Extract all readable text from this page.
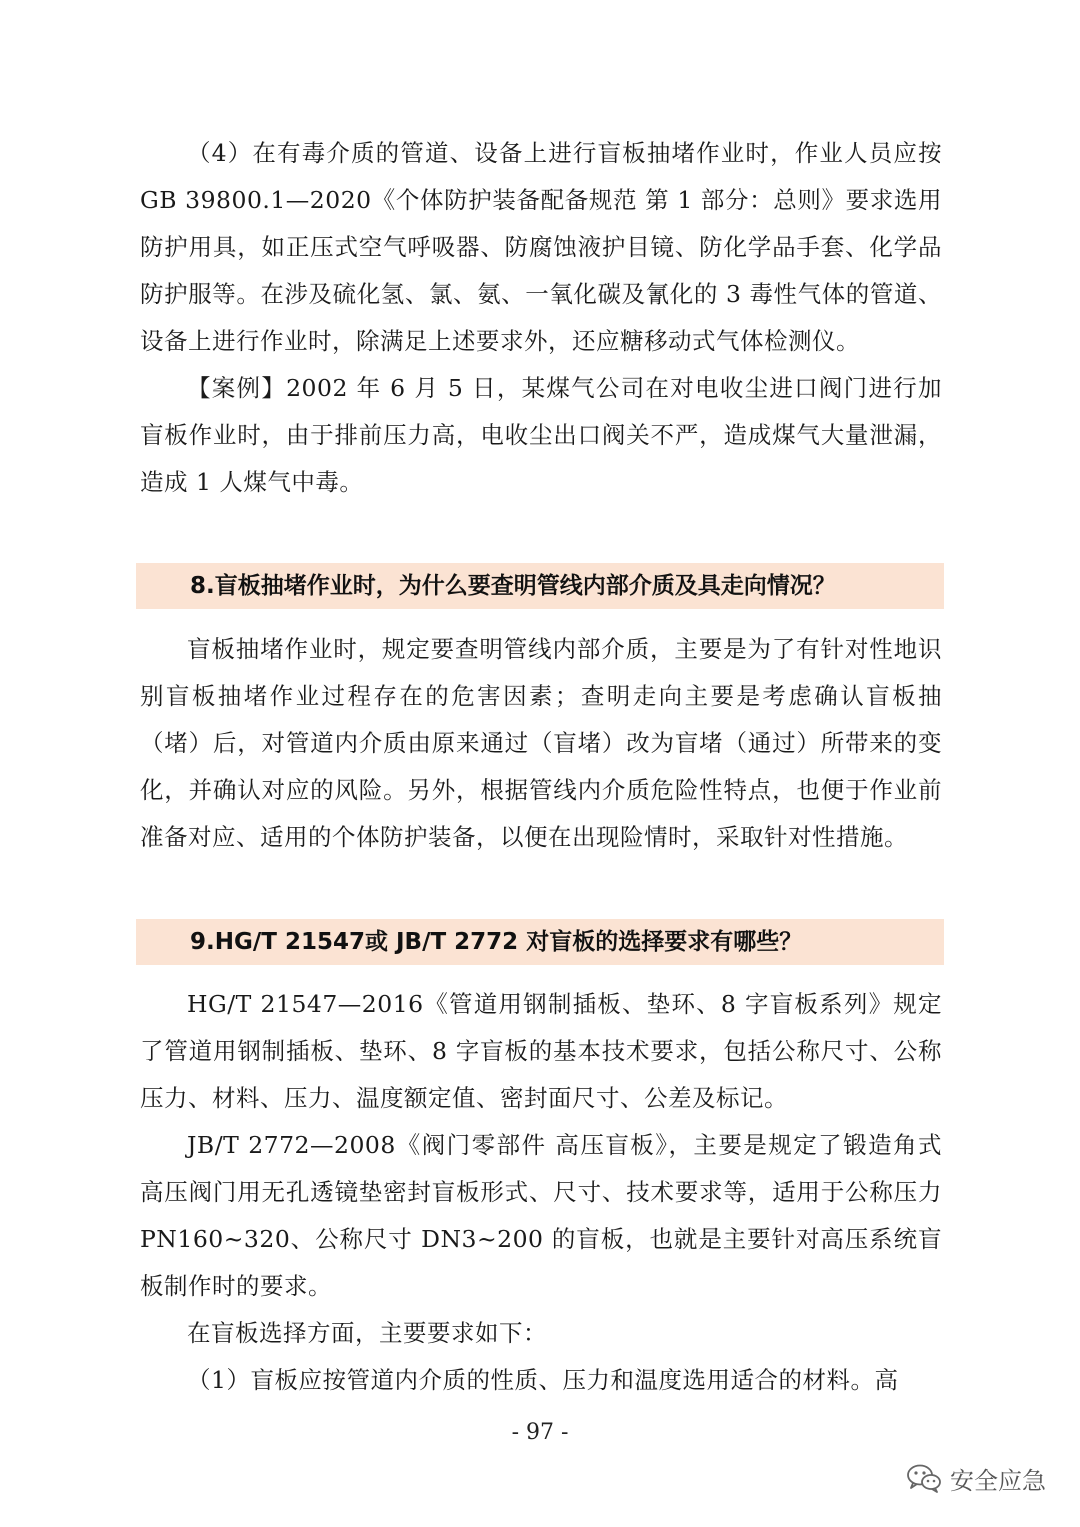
（4）在有毒介质的管道、设备上进行盲板抽堵作业时，作业人员应按 GB 39800.1—2020《个体防护装备配备规范 第 1 部分：总则》要求选用防护用具，如正压式空气呼吸器、防腐蚀液护目镜、防化学品手套、化学品防护服等。在涉及硫化氢、氯、氨、一氧化碳及氰化的 3 毒性气体的管道、设备上进行作业时，除满足上述要求外，还应糖移动式气体检测仪。

【案例】2002 年 6 月 5 日，某煤气公司在对电收尘进口阀门进行加盲板作业时，由于排前压力高，电收尘出口阀关不严，造成煤气大量泄漏，造成 1 人煤气中毒。

8.盲板抽堵作业时，为什么要查明管线内部介质及具走向情况？

盲板抽堵作业时，规定要查明管线内部介质，主要是为了有针对性地识别盲板抽堵作业过程存在的危害因素；查明走向主要是考虑确认盲板抽（堵）后，对管道内介质由原来通过（盲堵）改为盲堵（通过）所带来的变化，并确认对应的风险。另外，根据管线内介质危险性特点，也便于作业前准备对应、适用的个体防护装备，以便在出现险情时，采取针对性措施。

9.HG/T 21547或 JB/T 2772 对盲板的选择要求有哪些？

HG/T 21547—2016《管道用钢制插板、垫环、8 字盲板系列》规定了管道用钢制插板、垫环、8 字盲板的基本技术要求，包括公称尺寸、公称压力、材料、压力、温度额定值、密封面尺寸、公差及标记。

JB/T 2772—2008《阀门零部件 高压盲板》，主要是规定了锻造角式高压阀门用无孔透镜垫密封盲板形式、尺寸、技术要求等，适用于公称压力 PN160~320、公称尺寸 DN3~200 的盲板，也就是主要针对高压系统盲板制作时的要求。

在盲板选择方面，主要要求如下：

（1）盲板应按管道内介质的性质、压力和温度选用适合的材料。高

- 97 -
安全应急
